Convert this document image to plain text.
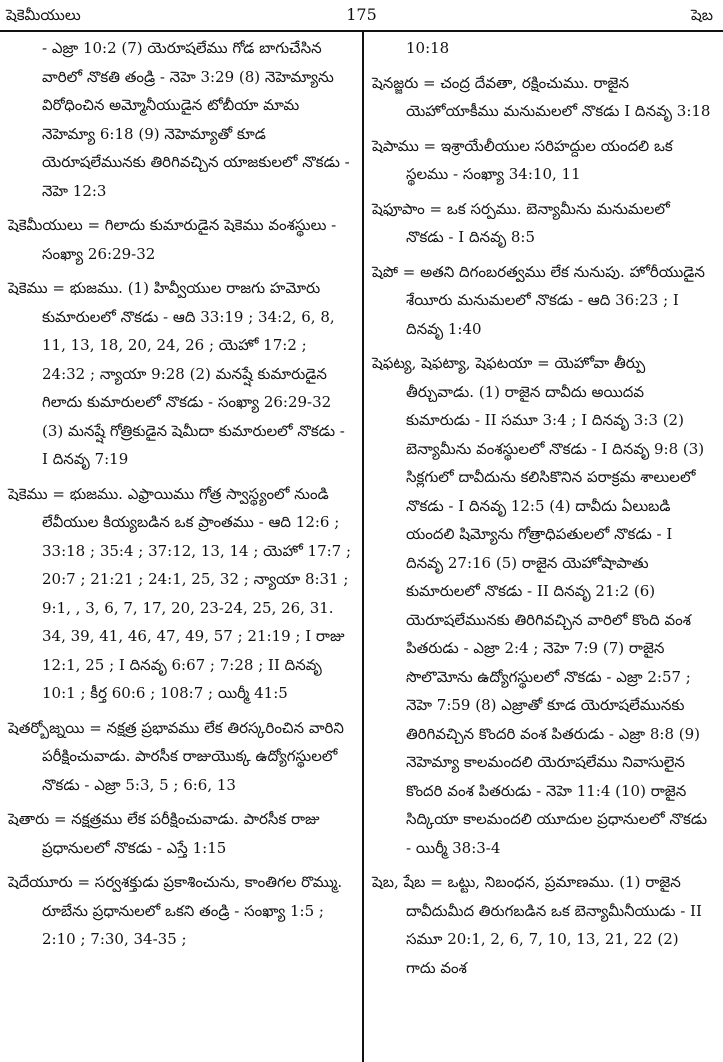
షెకెమీయులు	175	షెబ

- ఎజ్రా 10:2 (7) యెరూషలేము గోడ బాగుచేసిన వారిలో నొకతి తండ్రి - నెహె 3:29 (8) నెహెమ్యాను విరోధించిన అమ్మోనీయుడైన టోబీయా మామ నెహెమ్యా 6:18 (9) నెహెమ్యాతో కూడ యెరూషలేమునకు తిరిగివచ్చిన యాజకులలో నొకడు - నెహె 12:3

షెకెమీయులు = గిలాదు కుమారుడైన షెకెము వంశస్థులు - సంఖ్యా 26:29-32

షెకెము = భుజము. (1) హివ్వీయుల రాజగు హమోరు కుమారులలో నొకడు - ఆది 33:19 ; 34:2, 6, 8, 11, 13, 18, 20, 24, 26 ; యెహో 17:2 ; 24:32 ; న్యాయా 9:28 (2) మనష్షే కుమారుడైన గిలాదు కుమారులలో నొకడు - సంఖ్యా 26:29-32 (3) మనష్షే గోత్రికుడైన షెమీదా కుమారులలో నొకడు - I దినవృ 7:19

షెకెము = భుజము. ఎఫ్రాయిము గోత్ర స్వాస్థ్యంలో నుండి లేవీయుల కియ్యబడిన ఒక ప్రాంతము - ఆది 12:6 ; 33:18 ; 35:4 ; 37:12, 13, 14 ; యెహో 17:7 ; 20:7 ; 21:21 ; 24:1, 25, 32 ; న్యాయా 8:31 ; 9:1, , 3, 6, 7, 17, 20, 23-24, 25, 26, 31. 34, 39, 41, 46, 47, 49, 57 ; 21:19 ; I రాజు 12:1, 25 ; I దినవృ 6:67 ; 7:28 ; II దినవృ 10:1 ; కీర్త 60:6 ; 108:7 ; యిర్మీ 41:5

షెతర్బోజ్నయి = నక్షత్ర ప్రభావము లేక తిరస్కరించిన వారిని పరీక్షించువాడు. పారసీక రాజుయొక్క ఉద్యోగస్థులలో నొకడు - ఎజ్రా 5:3, 5 ; 6:6, 13

షెతారు = నక్షత్రము లేక పరీక్షించువాడు. పారసీక రాజు ప్రధానులలో నొకడు - ఎస్తే 1:15

షెదేయూరు = సర్వశక్తుడు ప్రకాశించును, కాంతిగల రొమ్ము. రూబేను ప్రధానులలో ఒకని తండ్రి - సంఖ్యా 1:5 ; 2:10 ; 7:30, 34-35 ;

10:18

షెనజ్జరు = చంద్ర దేవతా, రక్షించుము. రాజైన యెహోయాకీము మనుమలలో నొకడు I దినవృ 3:18

షెపాము = ఇశ్రాయేలీయుల సరిహద్దుల యందలి ఒక స్థలము - సంఖ్యా 34:10, 11

షెఫూపాం = ఒక సర్పము. బెన్యామీను మనుమలలో నొకడు - I దినవృ 8:5

షెపో = అతని దిగంబరత్వము లేక నునుపు. హోరీయుడైన శేయీరు మనుమలలో నొకడు - ఆది 36:23 ; I దినవృ 1:40

షెఫట్య, షెఫట్యా, షెఫటయా = యెహోవా తీర్పు తీర్చువాడు. (1) రాజైన దావీదు అయిదవ కుమారుడు - II సమూ 3:4 ; I దినవృ 3:3 (2) బెన్యామీను వంశస్థులలో నొకడు - I దినవృ 9:8 (3) సిక్లగులో దావీదును కలిసికొనిన పరాక్రమ శాలులలో నొకడు - I దినవృ 12:5 (4) దావీదు ఏలుబడి యందలి షిమ్యోను గోత్రాధిపతులలో నొకడు - I దినవృ 27:16 (5) రాజైన యెహోషాపాతు కుమారులలో నొకడు - II దినవృ 21:2 (6) యెరూషలేమునకు తిరిగివచ్చిన వారిలో కొంది వంశ పితరుడు - ఎజ్రా 2:4 ; నెహె 7:9 (7) రాజైన సొలొమోను ఉద్యోగస్థులలో నొకడు - ఎజ్రా 2:57 ; నెహె 7:59 (8) ఎజ్రాతో కూడ యెరూషలేమునకు తిరిగివచ్చిన కొందరి వంశ పితరుడు - ఎజ్రా 8:8 (9) నెహెమ్యా కాలమందలి యెరూషలేము నివాసులైన కొందరి వంశ పితరుడు - నెహె 11:4 (10) రాజైన సిద్కియా కాలమందలి యూదుల ప్రధానులలో నొకడు - యిర్మీ 38:3-4

షెబ, షేబ = ఒట్టు, నిబంధన, ప్రమాణము. (1) రాజైన దావీదుమీద తిరుగబడిన ఒక బెన్యామీనీయుడు - II సమూ 20:1, 2, 6, 7, 10, 13, 21, 22 (2) గాదు వంశ
